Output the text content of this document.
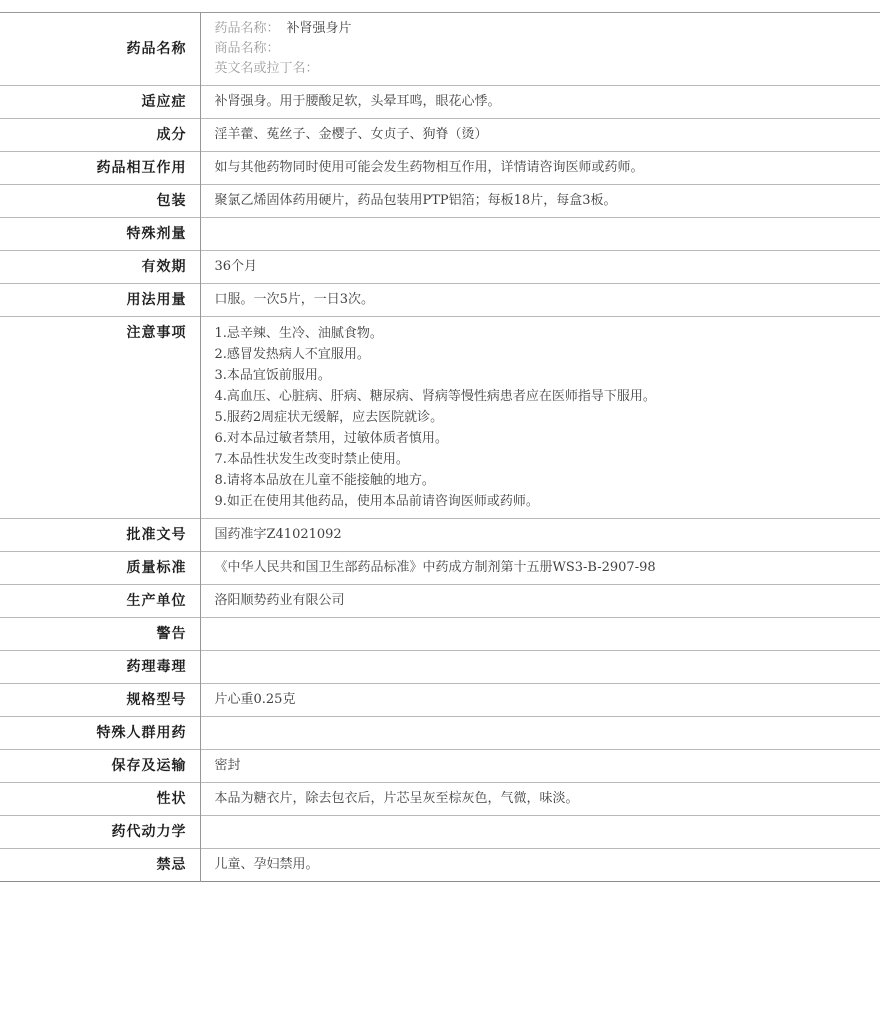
药品名称	药品名称： 补肾强身片
商品名称：
英文名或拉丁名：

适应症	补肾强身。用于腰酸足软，头晕耳鸣，眼花心悸。
成分	淫羊藿、菟丝子、金樱子、女贞子、狗脊（烫）
药品相互作用	如与其他药物同时使用可能会发生药物相互作用，详情请咨询医师或药师。
包装	聚氯乙烯固体药用硬片，药品包装用PTP铝箔；每板18片，每盒3板。
特殊剂量	
有效期	36个月
用法用量	口服。一次5片，一日3次。
注意事项	1.忌辛辣、生冷、油腻食物。
2.感冒发热病人不宜服用。
3.本品宜饭前服用。
4.高血压、心脏病、肝病、糖尿病、肾病等慢性病患者应在医师指导下服用。
5.服药2周症状无缓解，应去医院就诊。
6.对本品过敏者禁用，过敏体质者慎用。
7.本品性状发生改变时禁止使用。
8.请将本品放在儿童不能接触的地方。
9.如正在使用其他药品，使用本品前请咨询医师或药师。

批准文号	国药准字Z41021092
质量标准	《中华人民共和国卫生部药品标准》中药成方制剂第十五册WS3-B-2907-98
生产单位	洛阳顺势药业有限公司
警告	
药理毒理	
规格型号	片心重0.25克
特殊人群用药	
保存及运输	密封
性状	本品为糖衣片，除去包衣后，片芯呈灰至棕灰色，气微，味淡。
药代动力学	
禁忌	儿童、孕妇禁用。
